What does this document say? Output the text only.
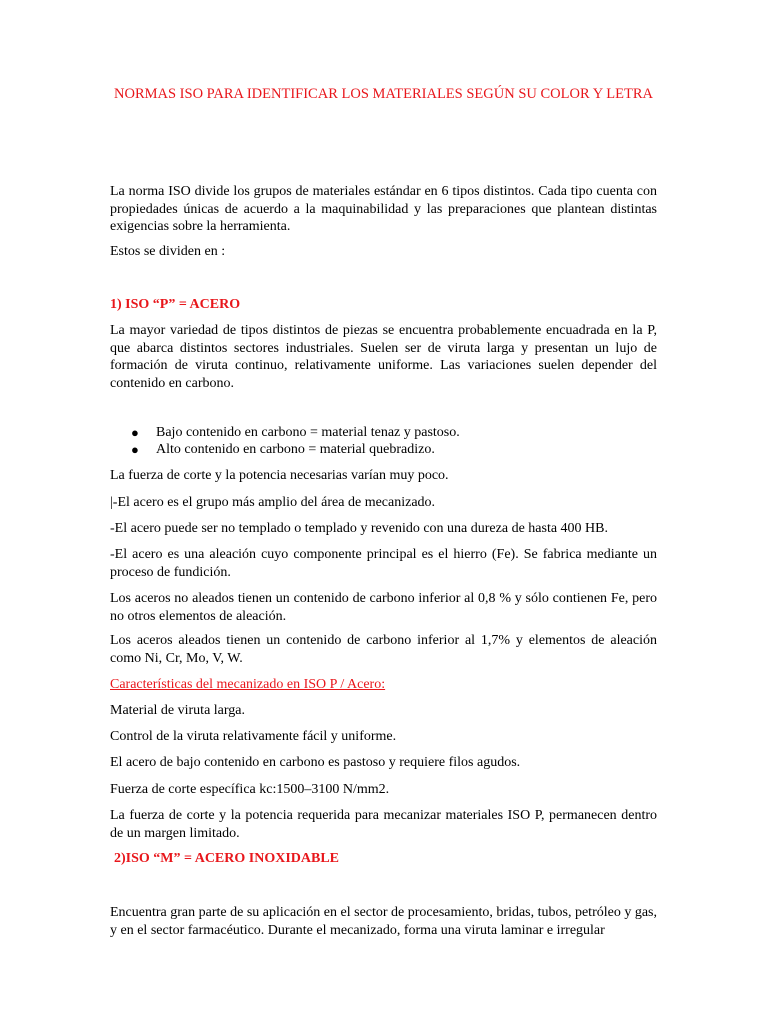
NORMAS ISO PARA IDENTIFICAR LOS MATERIALES SEGÚN SU COLOR Y LETRA

La norma ISO divide los grupos de materiales estándar en 6 tipos distintos. Cada tipo cuenta con propiedades únicas de acuerdo a la maquinabilidad y las preparaciones que plantean distintas exigencias sobre la herramienta.

Estos se dividen en :

1) ISO “P” = ACERO

La mayor variedad de tipos distintos de piezas se encuentra probablemente encuadrada en la P, que abarca distintos sectores industriales. Suelen ser de viruta larga y presentan un lujo de formación de viruta continuo, relativamente uniforme. Las variaciones suelen depender del contenido en carbono.

● Bajo contenido en carbono = material tenaz y pastoso.
● Alto contenido en carbono = material quebradizo.

La fuerza de corte y la potencia necesarias varían muy poco.

|-El acero es el grupo más amplio del área de mecanizado.

-El acero puede ser no templado o templado y revenido con una dureza de hasta 400 HB.

-El acero es una aleación cuyo componente principal es el hierro (Fe). Se fabrica mediante un proceso de fundición.

Los aceros no aleados tienen un contenido de carbono inferior al 0,8 % y sólo contienen Fe, pero no otros elementos de aleación.

Los aceros aleados tienen un contenido de carbono inferior al 1,7% y elementos de aleación como Ni, Cr, Mo, V, W.

Características del mecanizado en ISO P / Acero:

Material de viruta larga.

Control de la viruta relativamente fácil y uniforme.

El acero de bajo contenido en carbono es pastoso y requiere filos agudos.

Fuerza de corte específica kc:1500–3100 N/mm2.

La fuerza de corte y la potencia requerida para mecanizar materiales ISO P, permanecen dentro de un margen limitado.

2)ISO “M” = ACERO INOXIDABLE

Encuentra gran parte de su aplicación en el sector de procesamiento, bridas, tubos, petróleo y gas, y en el sector farmacéutico. Durante el mecanizado, forma una viruta laminar e irregular
